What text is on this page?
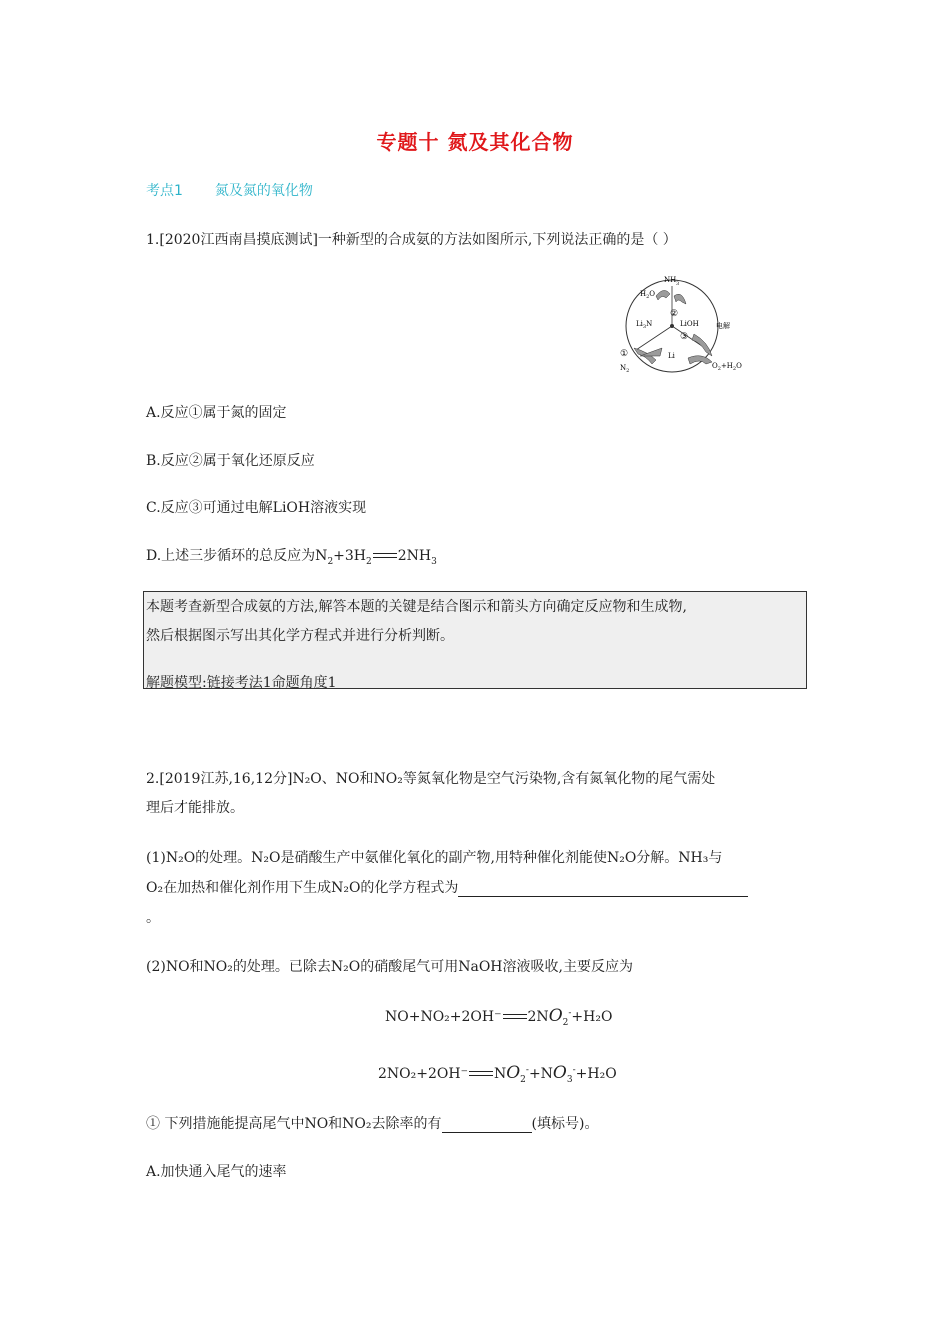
专题十 氮及其化合物
考点1 氮及氮的氧化物
1.[2020江西南昌摸底测试]一种新型的合成氨的方法如图所示,下列说法正确的是（ ）
NH 3
$H_2O$
②
$Li_3N$	LiOH 电解
③
Li
①
$N_2$
$O_2+H_2O$
A.反应①属于氮的固定
B.反应②属于氧化还原反应
C.反应③可通过电解LiOH溶液实现
D.上述三步循环的总反应为$N_2+3H_2$ $2NH_3$
本题考查新型合成氨的方法,解答本题的关键是结合图示和箭头方向确定反应物和生成物,
然后根据图示写出其化学方程式并进行分析判断。
解题模型:链接考法1命题角度1
2.[2019江苏,16,12分]N₂O、NO和NO₂等氮氧化物是空气污染物,含有氮氧化物的尾气需处
理后才能排放。
(1)N₂O的处理。N₂O是硝酸生产中氨催化氧化的副产物,用特种催化剂能使N₂O分解。NH₃与
O₂在加热和催化剂作用下生成N₂O的化学方程式为
。
(2)NO和NO₂的处理。已除去N₂O的硝酸尾气可用NaOH溶液吸收,主要反应为
NO+NO₂+2OH⁻ $2NO_2^-+H_2O$
2NO₂+2OH⁻ $NO_2^-+NO_3^-+H_2O$
① 下列措施能提高尾气中NO和NO₂去除率的有	(填标号)。
A.加快通入尾气的速率
